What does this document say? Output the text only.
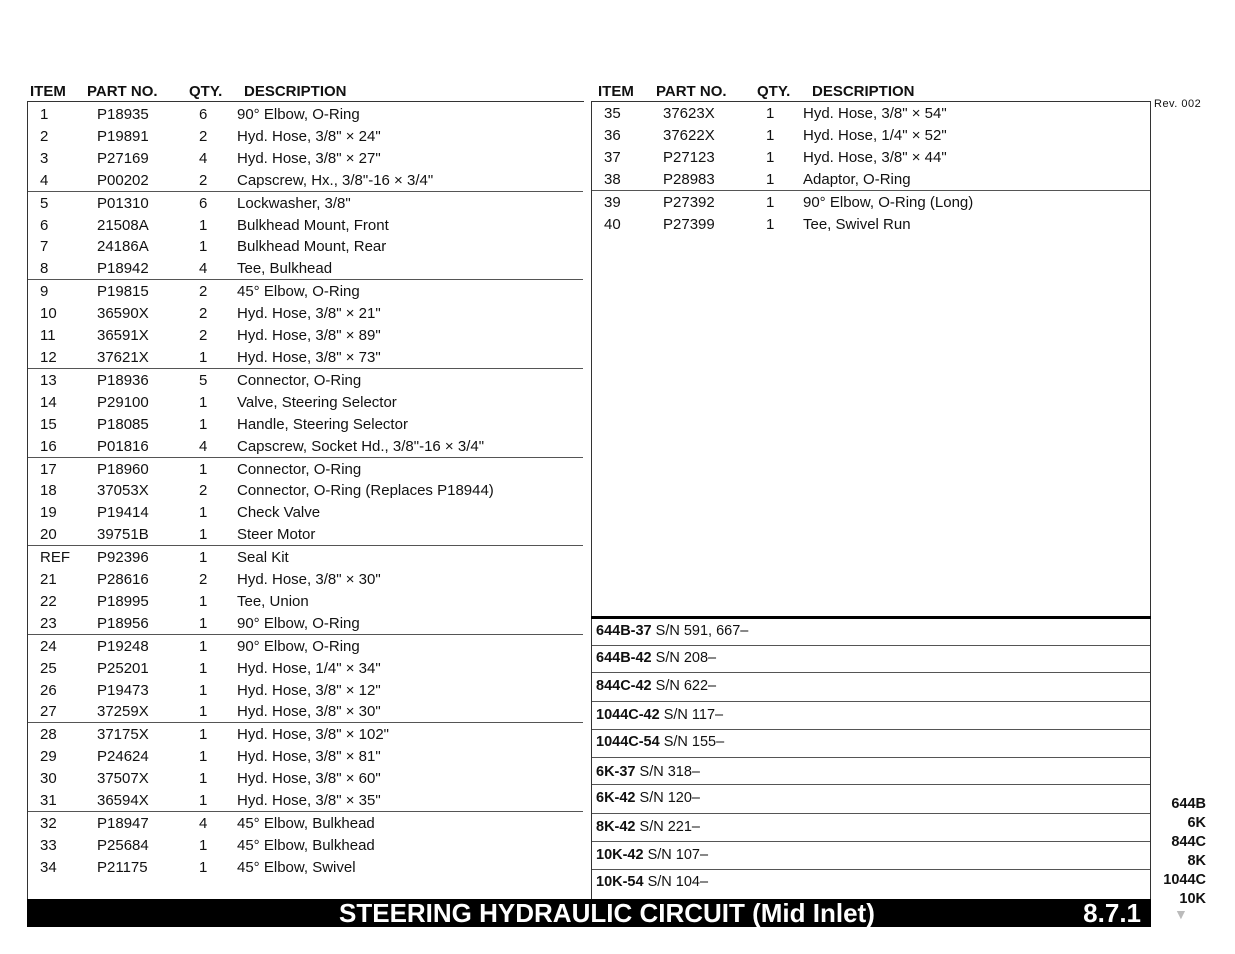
ITEM PART NO. QTY. DESCRIPTION	ITEM PART NO. QTY. DESCRIPTION
1	P18935	6 90° Elbow, O-Ring
2	P19891	2 Hyd. Hose, 3/8" × 24"
3	P27169	4 Hyd. Hose, 3/8" × 27"
4	P00202	2 Capscrew, Hx., 3/8"-16 × 3/4"
5	P01310	6 Lockwasher, 3/8"
6	21508A	1 Bulkhead Mount, Front
7	24186A	1 Bulkhead Mount, Rear
8	P18942	4 Tee, Bulkhead
9	P19815	2 45° Elbow, O-Ring
10	36590X	2 Hyd. Hose, 3/8" × 21"
11	36591X	2 Hyd. Hose, 3/8" × 89"
12	37621X	1 Hyd. Hose, 3/8" × 73"
13	P18936	5 Connector, O-Ring
14	P29100	1 Valve, Steering Selector
15	P18085	1 Handle, Steering Selector
16	P01816	4 Capscrew, Socket Hd., 3/8"-16 × 3/4"
17	P18960	1 Connector, O-Ring
18	37053X	2 Connector, O-Ring (Replaces P18944)
19	P19414	1 Check Valve
20	39751B	1 Steer Motor
REF P92396	1 Seal Kit
21	P28616	2 Hyd. Hose, 3/8" × 30"
22	P18995	1 Tee, Union
23	P18956	1 90° Elbow, O-Ring
24	P19248	1 90° Elbow, O-Ring
25	P25201	1 Hyd. Hose, 1/4" × 34"
26	P19473	1 Hyd. Hose, 3/8" × 12"
27	37259X	1 Hyd. Hose, 3/8" × 30"
28	37175X	1 Hyd. Hose, 3/8" × 102"
29	P24624	1 Hyd. Hose, 3/8" × 81"
30	37507X	1 Hyd. Hose, 3/8" × 60"
31	36594X	1 Hyd. Hose, 3/8" × 35"
32	P18947	4 45° Elbow, Bulkhead
33	P25684	1 45° Elbow, Bulkhead
34	P21175	1 45° Elbow, Swivel
35	37623X	1 Hyd. Hose, 3/8" × 54"
36	37622X	1 Hyd. Hose, 1/4" × 52"
37	P27123	1 Hyd. Hose, 3/8" × 44"
38	P28983	1 Adaptor, O-Ring
39	P27392	1 90° Elbow, O-Ring (Long)
40	P27399	1 Tee, Swivel Run
644B-37 S/N 591, 667–
644B-42 S/N 208–
844C-42 S/N 622–
1044C-42 S/N 117–
1044C-54 S/N 155–
6K-37 S/N 318–
6K-42 S/N 120–
8K-42 S/N 221–
10K-42 S/N 107–
10K-54 S/N 104–
Rev. 002
644B
6K
844C
8K
1044C
10K
▼
STEERING HYDRAULIC CIRCUIT (Mid Inlet)	8.7.1
